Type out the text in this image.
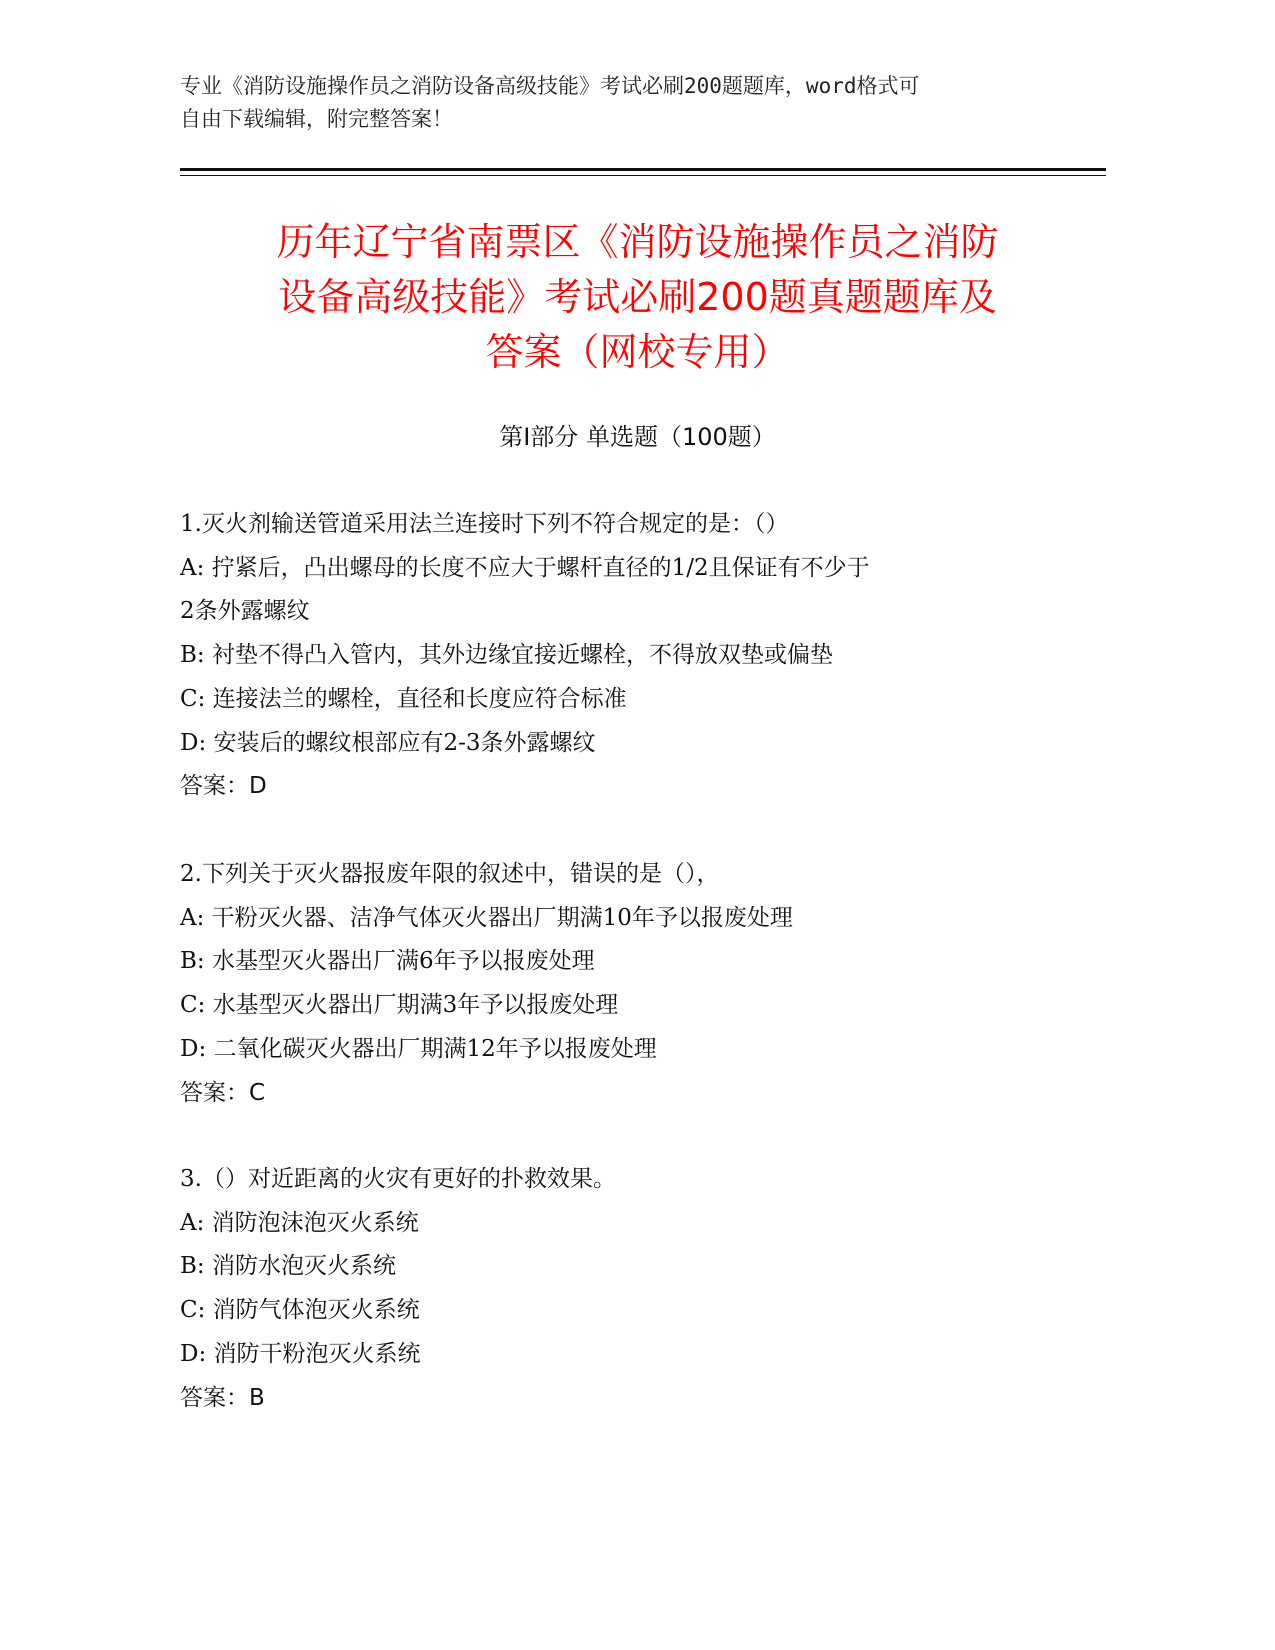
专业《消防设施操作员之消防设备高级技能》考试必刷200题题库，word格式可
自由下载编辑，附完整答案！
历年辽宁省南票区《消防设施操作员之消防
设备高级技能》考试必刷200题真题题库及
答案（网校专用）
第Ⅰ部分 单选题（100题）
1.灭火剂输送管道采用法兰连接时下列不符合规定的是：（）
A: 拧紧后，凸出螺母的长度不应大于螺杆直径的1/2且保证有不少于
2条外露螺纹
B: 衬垫不得凸入管内，其外边缘宜接近螺栓，不得放双垫或偏垫
C: 连接法兰的螺栓，直径和长度应符合标准
D: 安装后的螺纹根部应有2-3条外露螺纹
答案：D
2.下列关于灭火器报废年限的叙述中，错误的是（），
A: 干粉灭火器、洁净气体灭火器出厂期满10年予以报废处理
B: 水基型灭火器出厂满6年予以报废处理
C: 水基型灭火器出厂期满3年予以报废处理
D: 二氧化碳灭火器出厂期满12年予以报废处理
答案：C
3.（）对近距离的火灾有更好的扑救效果。
A: 消防泡沫泡灭火系统
B: 消防水泡灭火系统
C: 消防气体泡灭火系统
D: 消防干粉泡灭火系统
答案：B
